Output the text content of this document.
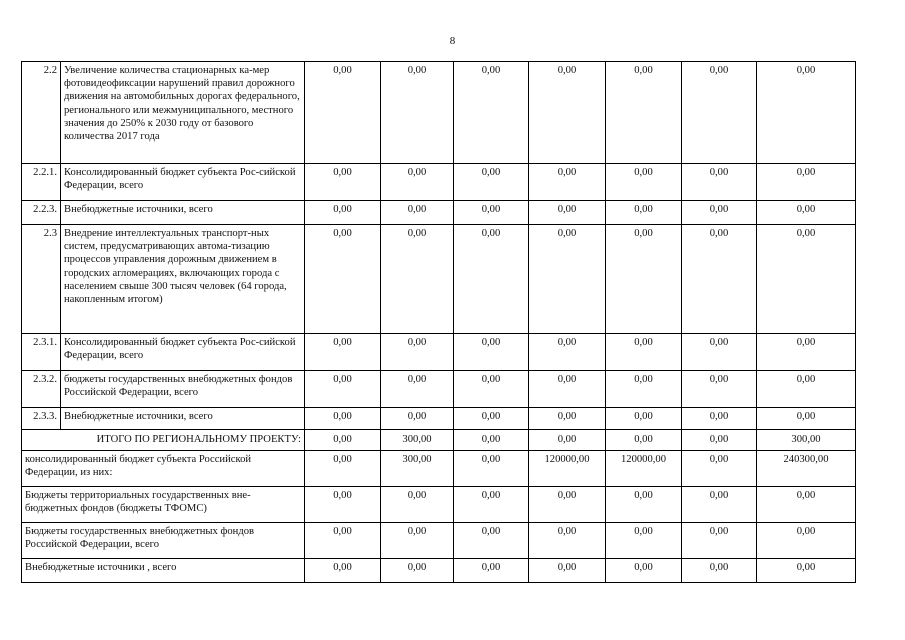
8
2.2	Увеличение количества стационарных ка-мер фотовидеофиксации нарушений правил дорожного движения на автомобильных дорогах федерального, регионального или межмуниципального, местного значения до 250% к 2030 году от базового количества 2017 года	0,00	0,00	0,00	0,00	0,00	0,00	0,00
2.2.1.	Консолидированный бюджет субъекта Рос-сийской Федерации, всего	0,00	0,00	0,00	0,00	0,00	0,00	0,00
2.2.3.	Внебюджетные источники, всего	0,00	0,00	0,00	0,00	0,00	0,00	0,00
2.3	Внедрение интеллектуальных транспорт-ных систем, предусматривающих автома-тизацию процессов управления дорожным движением в городских агломерациях, включающих города с населением свыше 300 тысяч человек (64 города, накопленным итогом)	0,00	0,00	0,00	0,00	0,00	0,00	0,00
2.3.1.	Консолидированный бюджет субъекта Рос-сийской Федерации, всего	0,00	0,00	0,00	0,00	0,00	0,00	0,00
2.3.2.	бюджеты государственных внебюджетных фондов Российской Федерации, всего	0,00	0,00	0,00	0,00	0,00	0,00	0,00
2.3.3.	Внебюджетные источники, всего	0,00	0,00	0,00	0,00	0,00	0,00	0,00
ИТОГО ПО РЕГИОНАЛЬНОМУ ПРОЕКТУ:		0,00	300,00	0,00	0,00	0,00	0,00	300,00
консолидированный бюджет субъекта Российской Федерации, из них:		0,00	300,00	0,00	120000,00	120000,00	0,00	240300,00
Бюджеты территориальных государственных вне-бюджетных фондов (бюджеты ТФОМС)		0,00	0,00	0,00	0,00	0,00	0,00	0,00
Бюджеты государственных внебюджетных фондов Российской Федерации, всего		0,00	0,00	0,00	0,00	0,00	0,00	0,00
Внебюджетные источники , всего		0,00	0,00	0,00	0,00	0,00	0,00	0,00
